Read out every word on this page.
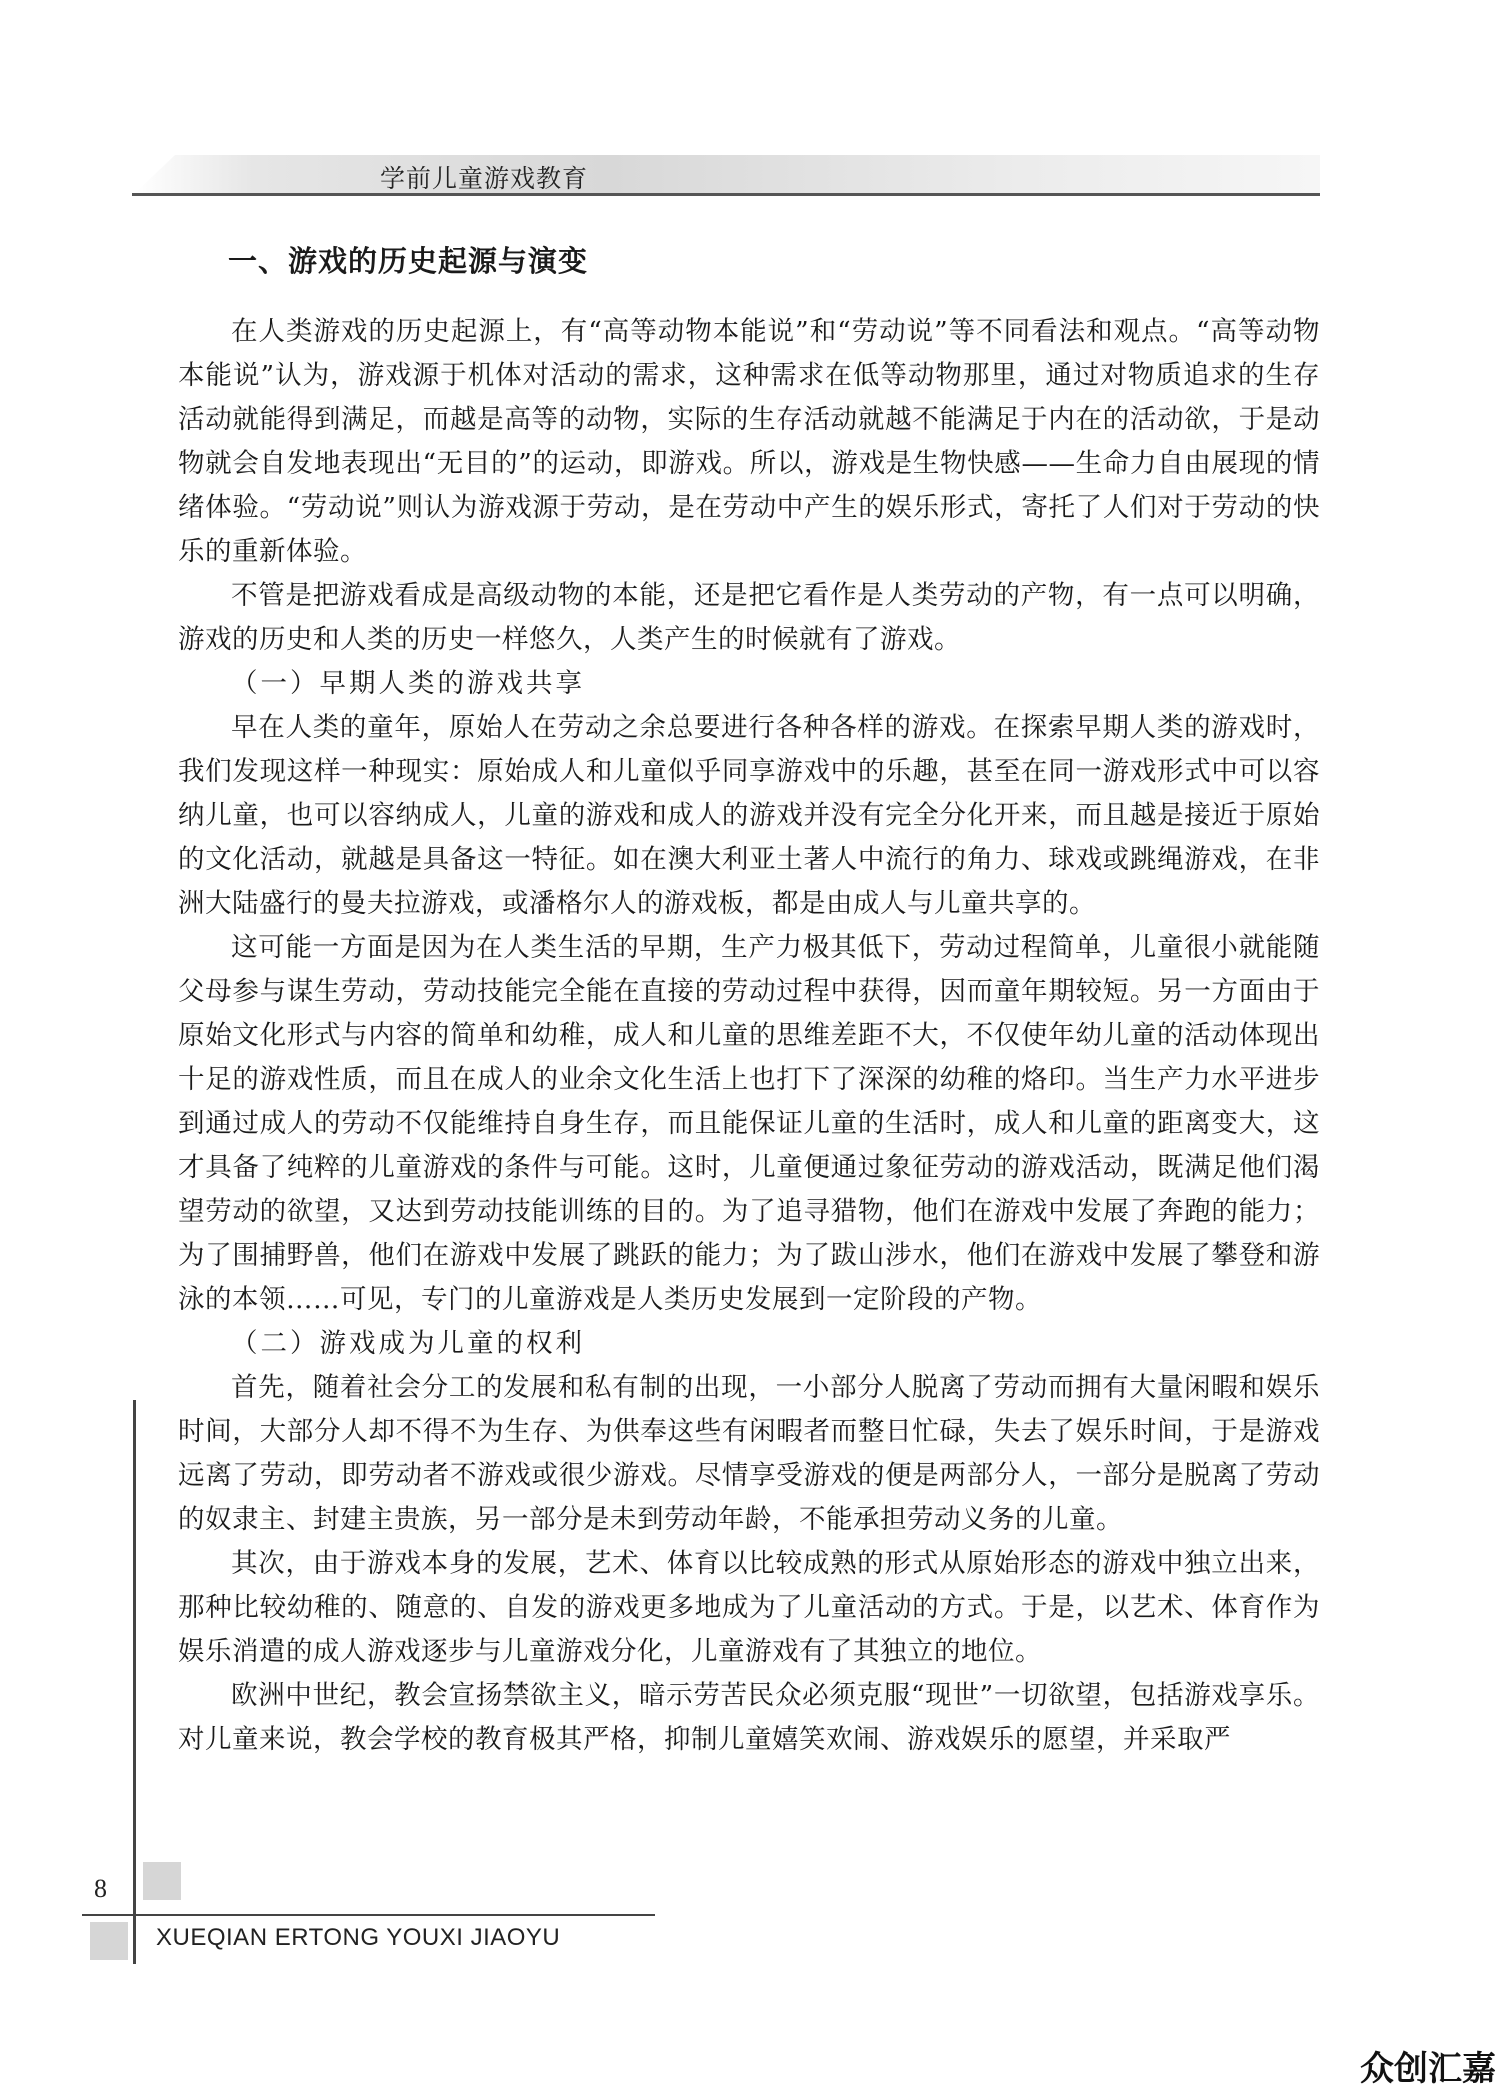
学前儿童游戏教育
一、游戏的历史起源与演变

在人类游戏的历史起源上，有“高等动物本能说”和“劳动说”等不同看法和观点。“高等动物本能说”认为，游戏源于机体对活动的需求，这种需求在低等动物那里，通过对物质追求的生存活动就能得到满足，而越是高等的动物，实际的生存活动就越不能满足于内在的活动欲，于是动物就会自发地表现出“无目的”的运动，即游戏。所以，游戏是生物快感——生命力自由展现的情绪体验。“劳动说”则认为游戏源于劳动，是在劳动中产生的娱乐形式，寄托了人们对于劳动的快乐的重新体验。

不管是把游戏看成是高级动物的本能，还是把它看作是人类劳动的产物，有一点可以明确，游戏的历史和人类的历史一样悠久，人类产生的时候就有了游戏。

（一）早期人类的游戏共享

早在人类的童年，原始人在劳动之余总要进行各种各样的游戏。在探索早期人类的游戏时，我们发现这样一种现实：原始成人和儿童似乎同享游戏中的乐趣，甚至在同一游戏形式中可以容纳儿童，也可以容纳成人，儿童的游戏和成人的游戏并没有完全分化开来，而且越是接近于原始的文化活动，就越是具备这一特征。如在澳大利亚土著人中流行的角力、球戏或跳绳游戏，在非洲大陆盛行的曼夫拉游戏，或潘格尔人的游戏板，都是由成人与儿童共享的。

这可能一方面是因为在人类生活的早期，生产力极其低下，劳动过程简单，儿童很小就能随父母参与谋生劳动，劳动技能完全能在直接的劳动过程中获得，因而童年期较短。另一方面由于原始文化形式与内容的简单和幼稚，成人和儿童的思维差距不大，不仅使年幼儿童的活动体现出十足的游戏性质，而且在成人的业余文化生活上也打下了深深的幼稚的烙印。当生产力水平进步到通过成人的劳动不仅能维持自身生存，而且能保证儿童的生活时，成人和儿童的距离变大，这才具备了纯粹的儿童游戏的条件与可能。这时，儿童便通过象征劳动的游戏活动，既满足他们渴望劳动的欲望，又达到劳动技能训练的目的。为了追寻猎物，他们在游戏中发展了奔跑的能力；为了围捕野兽，他们在游戏中发展了跳跃的能力；为了跋山涉水，他们在游戏中发展了攀登和游泳的本领……可见，专门的儿童游戏是人类历史发展到一定阶段的产物。

（二）游戏成为儿童的权利

首先，随着社会分工的发展和私有制的出现，一小部分人脱离了劳动而拥有大量闲暇和娱乐时间，大部分人却不得不为生存、为供奉这些有闲暇者而整日忙碌，失去了娱乐时间，于是游戏远离了劳动，即劳动者不游戏或很少游戏。尽情享受游戏的便是两部分人，一部分是脱离了劳动的奴隶主、封建主贵族，另一部分是未到劳动年龄，不能承担劳动义务的儿童。

其次，由于游戏本身的发展，艺术、体育以比较成熟的形式从原始形态的游戏中独立出来，那种比较幼稚的、随意的、自发的游戏更多地成为了儿童活动的方式。于是，以艺术、体育作为娱乐消遣的成人游戏逐步与儿童游戏分化，儿童游戏有了其独立的地位。

欧洲中世纪，教会宣扬禁欲主义，暗示劳苦民众必须克服“现世”一切欲望，包括游戏享乐。对儿童来说，教会学校的教育极其严格，抑制儿童嬉笑欢闹、游戏娱乐的愿望，并采取严

8
XUEQIAN ERTONG YOUXI JIAOYU
众创汇嘉
